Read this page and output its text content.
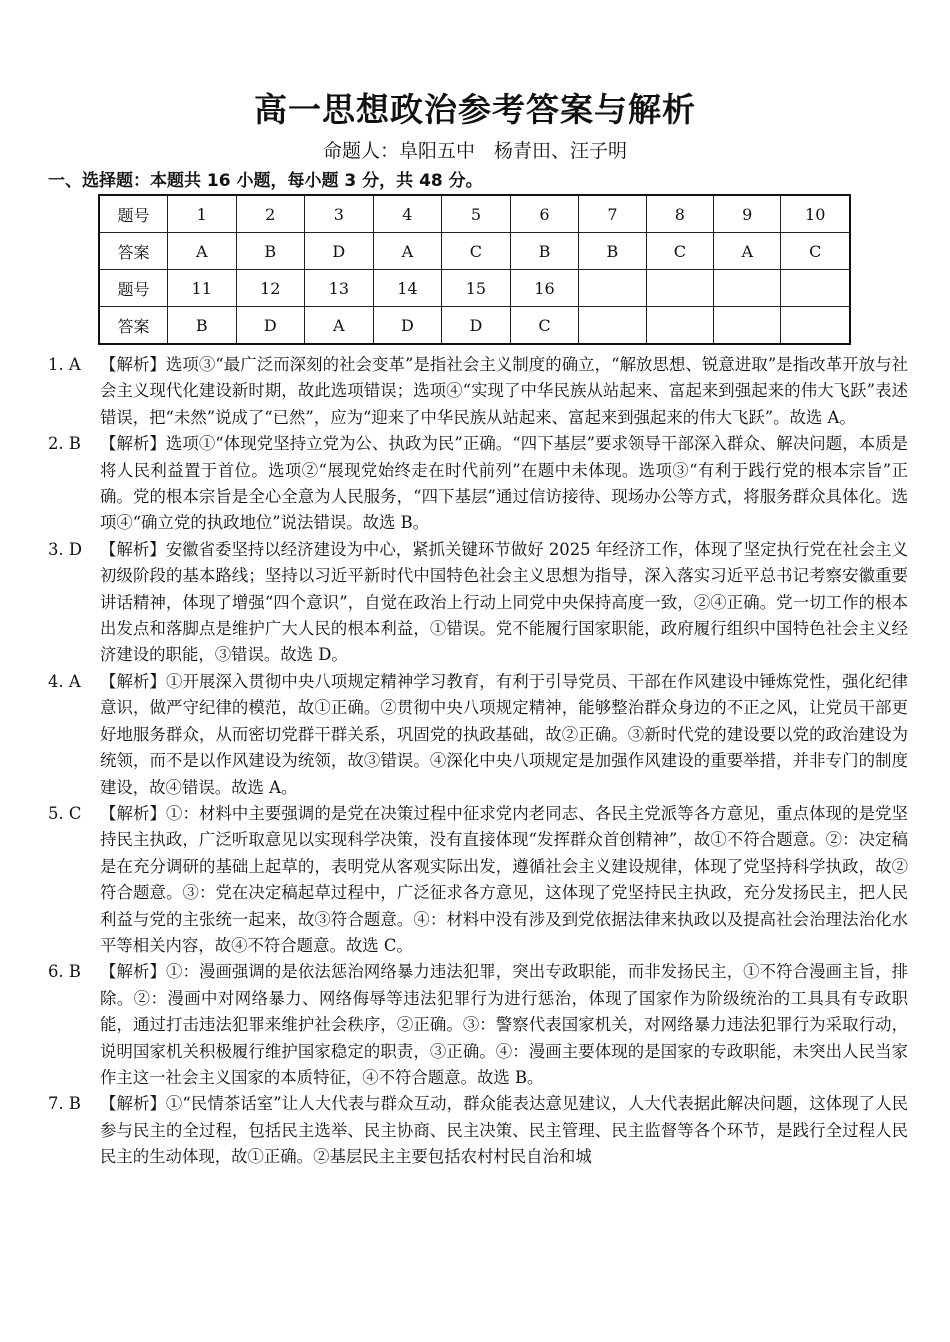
高一思想政治参考答案与解析
命题人：阜阳五中　杨青田、汪子明
一、选择题：本题共 16 小题，每小题 3 分，共 48 分。
题号	1	2	3	4	5	6	7	8	9	10
答案	A	B	D	A	C	B	B	C	A	C
题号	11	12	13	14	15	16				
答案	B	D	A	D	D	C				
1. A 【解析】选项③“最广泛而深刻的社会变革”是指社会主义制度的确立，“解放思想、锐意进取”是指改革开放与社会主义现代化建设新时期，故此选项错误；选项④“实现了中华民族从站起来、富起来到强起来的伟大飞跃”表述错误，把“未然”说成了“已然”，应为“迎来了中华民族从站起来、富起来到强起来的伟大飞跃”。故选 A。
2. B 【解析】选项①“体现党坚持立党为公、执政为民”正确。“四下基层”要求领导干部深入群众、解决问题，本质是将人民利益置于首位。选项②“展现党始终走在时代前列”在题中未体现。选项③“有利于践行党的根本宗旨”正确。党的根本宗旨是全心全意为人民服务，“四下基层”通过信访接待、现场办公等方式，将服务群众具体化。选项④“确立党的执政地位”说法错误。故选 B。
3. D 【解析】安徽省委坚持以经济建设为中心，紧抓关键环节做好 2025 年经济工作，体现了坚定执行党在社会主义初级阶段的基本路线；坚持以习近平新时代中国特色社会主义思想为指导，深入落实习近平总书记考察安徽重要讲话精神，体现了增强“四个意识”，自觉在政治上行动上同党中央保持高度一致，②④正确。党一切工作的根本出发点和落脚点是维护广大人民的根本利益，①错误。党不能履行国家职能，政府履行组织中国特色社会主义经济建设的职能，③错误。故选 D。
4. A 【解析】①开展深入贯彻中央八项规定精神学习教育，有利于引导党员、干部在作风建设中锤炼党性，强化纪律意识，做严守纪律的模范，故①正确。②贯彻中央八项规定精神，能够整治群众身边的不正之风，让党员干部更好地服务群众，从而密切党群干群关系，巩固党的执政基础，故②正确。③新时代党的建设要以党的政治建设为统领，而不是以作风建设为统领，故③错误。④深化中央八项规定是加强作风建设的重要举措，并非专门的制度建设，故④错误。故选 A。
5. C 【解析】①：材料中主要强调的是党在决策过程中征求党内老同志、各民主党派等各方意见，重点体现的是党坚持民主执政，广泛听取意见以实现科学决策，没有直接体现“发挥群众首创精神”，故①不符合题意。②：决定稿是在充分调研的基础上起草的，表明党从客观实际出发，遵循社会主义建设规律，体现了党坚持科学执政，故②符合题意。③：党在决定稿起草过程中，广泛征求各方意见，这体现了党坚持民主执政，充分发扬民主，把人民利益与党的主张统一起来，故③符合题意。④：材料中没有涉及到党依据法律来执政以及提高社会治理法治化水平等相关内容，故④不符合题意。故选 C。
6. B 【解析】①：漫画强调的是依法惩治网络暴力违法犯罪，突出专政职能，而非发扬民主，①不符合漫画主旨，排除。②：漫画中对网络暴力、网络侮辱等违法犯罪行为进行惩治，体现了国家作为阶级统治的工具具有专政职能，通过打击违法犯罪来维护社会秩序，②正确。③：警察代表国家机关，对网络暴力违法犯罪行为采取行动，说明国家机关积极履行维护国家稳定的职责，③正确。④：漫画主要体现的是国家的专政职能，未突出人民当家作主这一社会主义国家的本质特征，④不符合题意。故选 B。
7. B 【解析】①“民情茶话室”让人大代表与群众互动，群众能表达意见建议，人大代表据此解决问题，这体现了人民参与民主的全过程，包括民主选举、民主协商、民主决策、民主管理、民主监督等各个环节，是践行全过程人民民主的生动体现，故①正确。②基层民主主要包括农村村民自治和城
